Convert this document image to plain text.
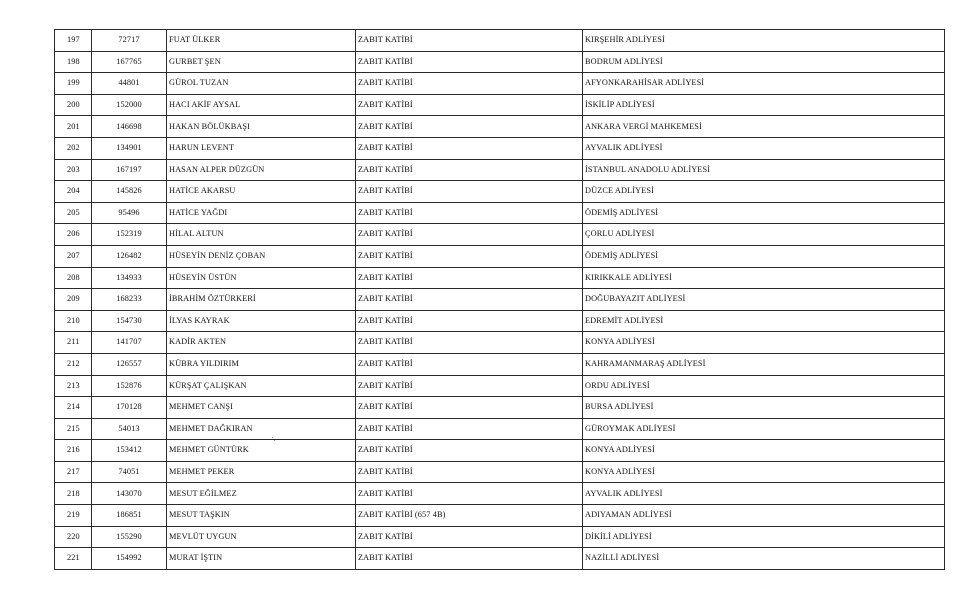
197	72717	FUAT ÜLKER	ZABIT KATİBİ	KIRŞEHİR ADLİYESİ
198	167765	GURBET ŞEN	ZABIT KATİBİ	BODRUM ADLİYESİ
199	44801	GÜROL TUZAN	ZABIT KATİBİ	AFYONKARAHİSAR ADLİYESİ
200	152000	HACI AKİF AYSAL	ZABIT KATİBİ	İSKİLİP ADLİYESİ
201	146698	HAKAN BÖLÜKBAŞI	ZABIT KATİBİ	ANKARA VERGİ MAHKEMESİ
202	134901	HARUN LEVENT	ZABIT KATİBİ	AYVALIK ADLİYESİ
203	167197	HASAN ALPER DÜZGÜN	ZABIT KATİBİ	İSTANBUL ANADOLU ADLİYESİ
204	145826	HATİCE AKARSU	ZABIT KATİBİ	DÜZCE ADLİYESİ
205	95496	HATİCE YAĞDI	ZABIT KATİBİ	ÖDEMİŞ ADLİYESİ
206	152319	HİLAL ALTUN	ZABIT KATİBİ	ÇORLU ADLİYESİ
207	126482	HÜSEYİN DENİZ ÇOBAN	ZABIT KATİBİ	ÖDEMİŞ ADLİYESİ
208	134933	HÜSEYİN ÜSTÜN	ZABIT KATİBİ	KIRIKKALE ADLİYESİ
209	168233	İBRAHİM ÖZTÜRKERİ	ZABIT KATİBİ	DOĞUBAYAZIT ADLİYESİ
210	154730	İLYAS KAYRAK	ZABIT KATİBİ	EDREMİT ADLİYESİ
211	141707	KADİR AKTEN	ZABIT KATİBİ	KONYA ADLİYESİ
212	126557	KÜBRA YILDIRIM	ZABIT KATİBİ	KAHRAMANMARAŞ ADLİYESİ
213	152876	KÜRŞAT ÇALIŞKAN	ZABIT KATİBİ	ORDU ADLİYESİ
214	170128	MEHMET CANŞI	ZABIT KATİBİ	BURSA ADLİYESİ
215	54013	MEHMET DAĞKIRAN	ZABIT KATİBİ	GÜROYMAK ADLİYESİ
216	153412	MEHMET GÜNTÜRK	ZABIT KATİBİ	KONYA ADLİYESİ
217	74051	MEHMET PEKER	ZABIT KATİBİ	KONYA ADLİYESİ
218	143070	MESUT EĞİLMEZ	ZABIT KATİBİ	AYVALIK ADLİYESİ
219	186851	MESUT TAŞKIN	ZABIT KATİBİ (657 4B)	ADIYAMAN ADLİYESİ
220	155290	MEVLÜT UYGUN	ZABIT KATİBİ	DİKİLİ ADLİYESİ
221	154992	MURAT İŞTIN	ZABIT KATİBİ	NAZİLLİ ADLİYESİ
